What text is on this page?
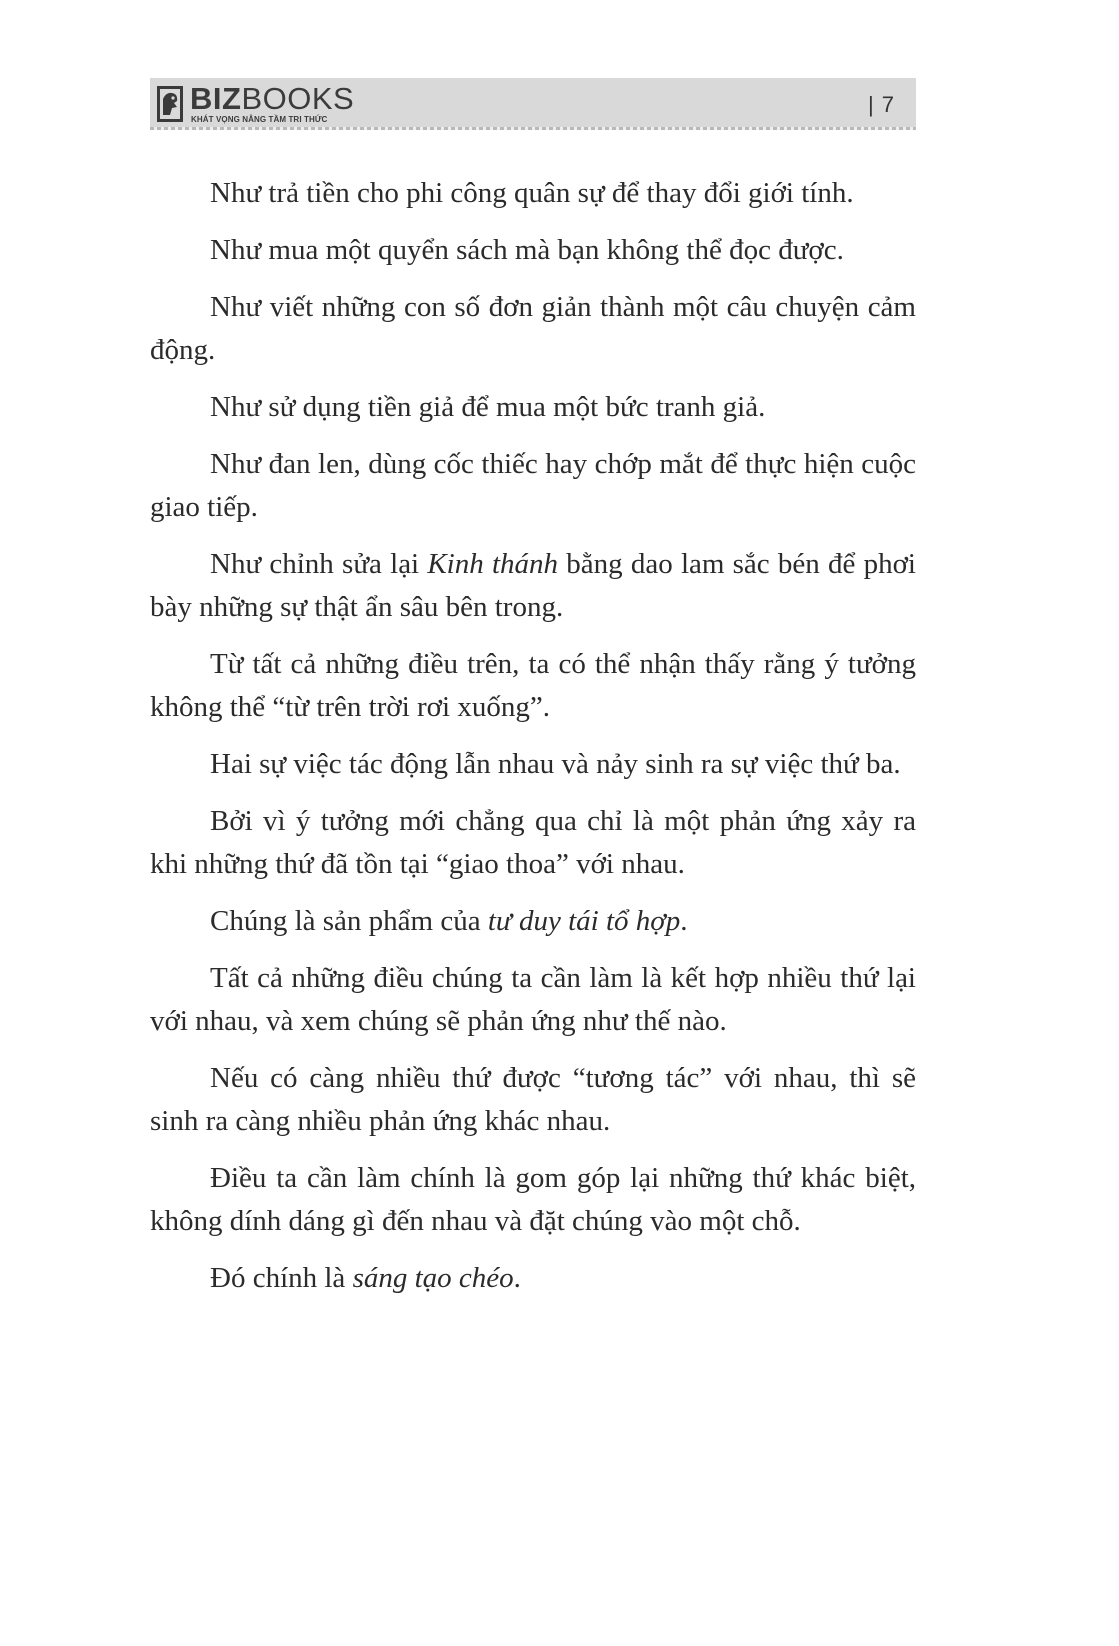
BIZBOOKS
KHÁT VỌNG NÂNG TẦM TRI THỨC
| 7

Như trả tiền cho phi công quân sự để thay đổi giới tính.

Như mua một quyển sách mà bạn không thể đọc được.

Như viết những con số đơn giản thành một câu chuyện cảm động.

Như sử dụng tiền giả để mua một bức tranh giả.

Như đan len, dùng cốc thiếc hay chớp mắt để thực hiện cuộc giao tiếp.

Như chỉnh sửa lại Kinh thánh bằng dao lam sắc bén để phơi bày những sự thật ẩn sâu bên trong.

Từ tất cả những điều trên, ta có thể nhận thấy rằng ý tưởng không thể “từ trên trời rơi xuống”.

Hai sự việc tác động lẫn nhau và nảy sinh ra sự việc thứ ba.

Bởi vì ý tưởng mới chẳng qua chỉ là một phản ứng xảy ra khi những thứ đã tồn tại “giao thoa” với nhau.

Chúng là sản phẩm của tư duy tái tổ hợp.

Tất cả những điều chúng ta cần làm là kết hợp nhiều thứ lại với nhau, và xem chúng sẽ phản ứng như thế nào.

Nếu có càng nhiều thứ được “tương tác” với nhau, thì sẽ sinh ra càng nhiều phản ứng khác nhau.

Điều ta cần làm chính là gom góp lại những thứ khác biệt, không dính dáng gì đến nhau và đặt chúng vào một chỗ.

Đó chính là sáng tạo chéo.
